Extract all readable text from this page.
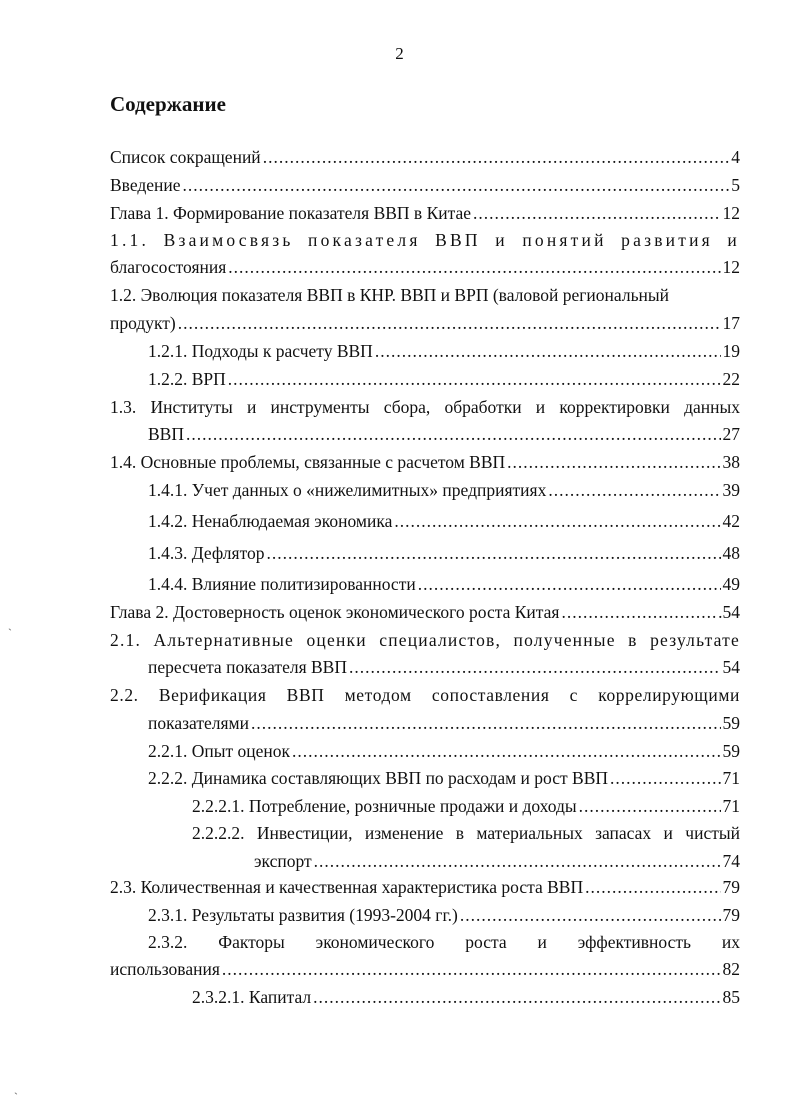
2
Содержание
Список сокращений .....	4
Введение .....	5
Глава 1. Формирование показателя ВВП в Китае .....	12
1.1. Взаимосвязь показателя ВВП и понятий развития и
благосостояния .....	12
1.2. Эволюция показателя ВВП в КНР. ВВП и ВРП (валовой региональный
продукт) .....	17
1.2.1. Подходы к расчету ВВП .....	19
1.2.2. ВРП .....	22
1.3. Институты и инструменты сбора, обработки и корректировки данных
ВВП .....	27
1.4. Основные проблемы, связанные с расчетом ВВП .....	38
1.4.1. Учет данных о «нижелимитных» предприятиях .....	39
1.4.2. Ненаблюдаемая экономика .....	42
1.4.3. Дефлятор .....	48
1.4.4. Влияние политизированности .....	49
Глава 2. Достоверность оценок экономического роста Китая .....	.54
2.1. Альтернативные оценки специалистов, полученные в результате
пересчета показателя ВВП .....	54
2.2. Верификация ВВП методом сопоставления с коррелирующими
показателями .....	59
2.2.1. Опыт оценок .....	59
2.2.2. Динамика составляющих ВВП по расходам и рост ВВП .....	71
2.2.2.1. Потребление, розничные продажи и доходы .....	71
2.2.2.2. Инвестиции, изменение в материальных запасах и чистый
экспорт .....	74
2.3. Количественная и качественная характеристика роста ВВП .....	79
2.3.1. Результаты развития (1993-2004 гг.) .....	79
2.3.2. Факторы экономического роста и эффективность их
использования .....	82
2.3.2.1. Капитал .....	85
ˋ
ˋ
